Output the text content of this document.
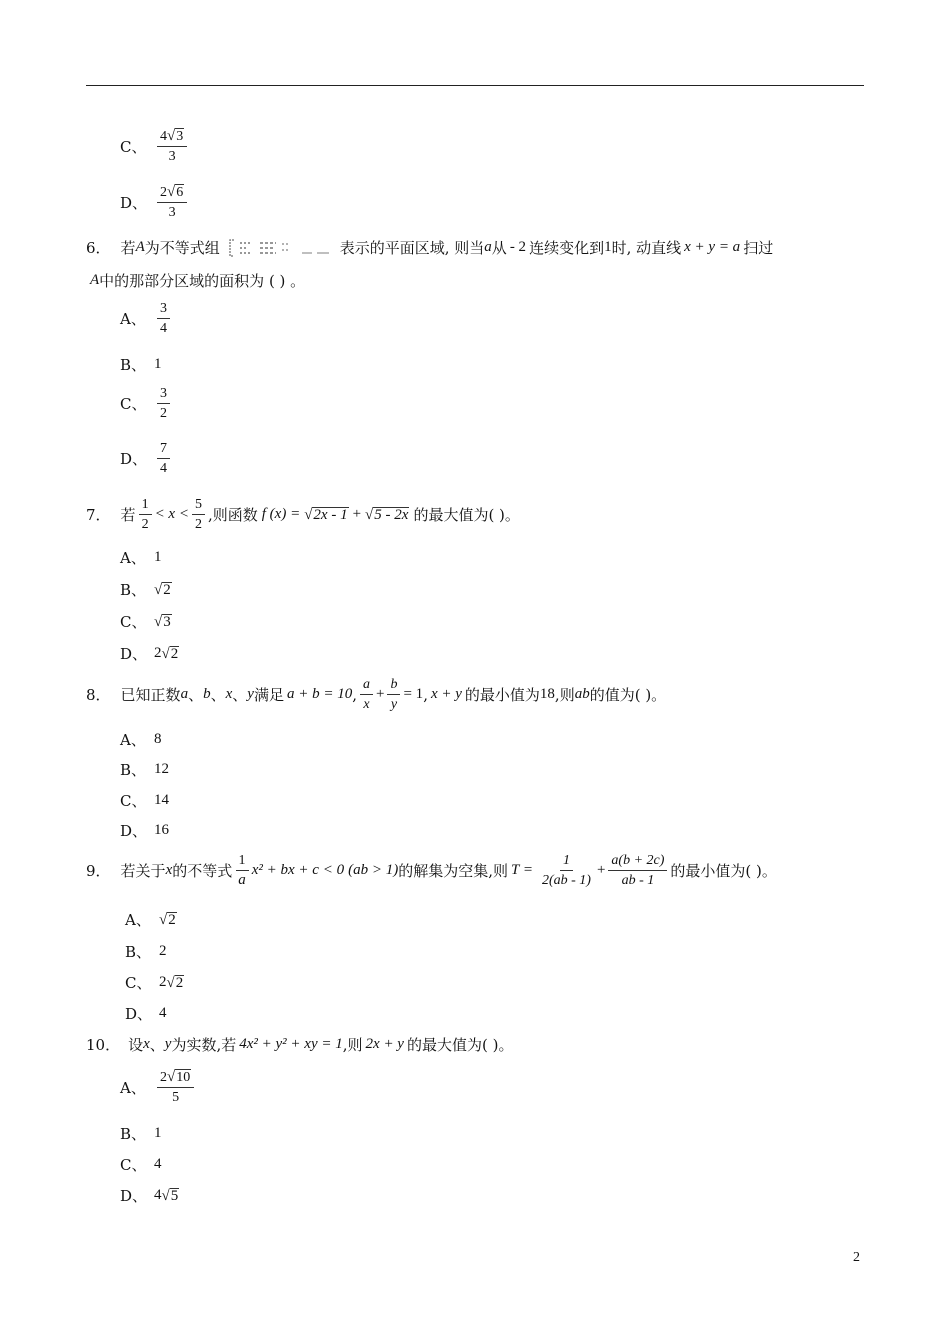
C、 $\frac{4 √ 3}{3}$
D、 $\frac{2 √ 6}{3}$
6． 若 A 为不等式组	表示的平面区域, 则当 a 从 - 2 连续变化到 1 时, 动直线 x + y = a 扫过
A 中的那部分区域的面积为 ( ) 。
A、 $\frac{3}{4}$
B、 1
C、 $\frac{3}{2}$
D、 $\frac{7}{4}$
7． 若 $\frac{1}{2} < x < \frac{5}{2}$ ,则函数 f (x) = √ 2x - 1 + √ 5 - 2x 的最大值为( )。
A、 1
B、 √ 2
C、 √ 3
D、 2 √ 2
8． 已知正数 a 、 b 、 x 、 y 满足 a + b = 10 , $\frac{a}{x} + \frac{b}{y} = 1$ , x + y 的最小值为 18 ,则 ab 的值为( )。
A、 8
B、 12
C、 14
D、 16
9． 若关于 x 的不等式 $\frac{1}{a} x^2$ + bx + c < 0 (ab > 1) 的解集为空集,则 $T = \frac{1}{2(ab - 1)} + \frac{a(b + 2c)}{ab - 1}$ 的最小值为( )。
A、 √ 2
B、 2
C、 2 √ 2
D、 4
10． 设 x 、 y 为实数,若 4x² + y² + xy = 1 ,则 2x + y 的最大值为( )。
A、 $\frac{2 √ 10}{5}$
B、 1
C、 4
D、 4 √ 5
2
